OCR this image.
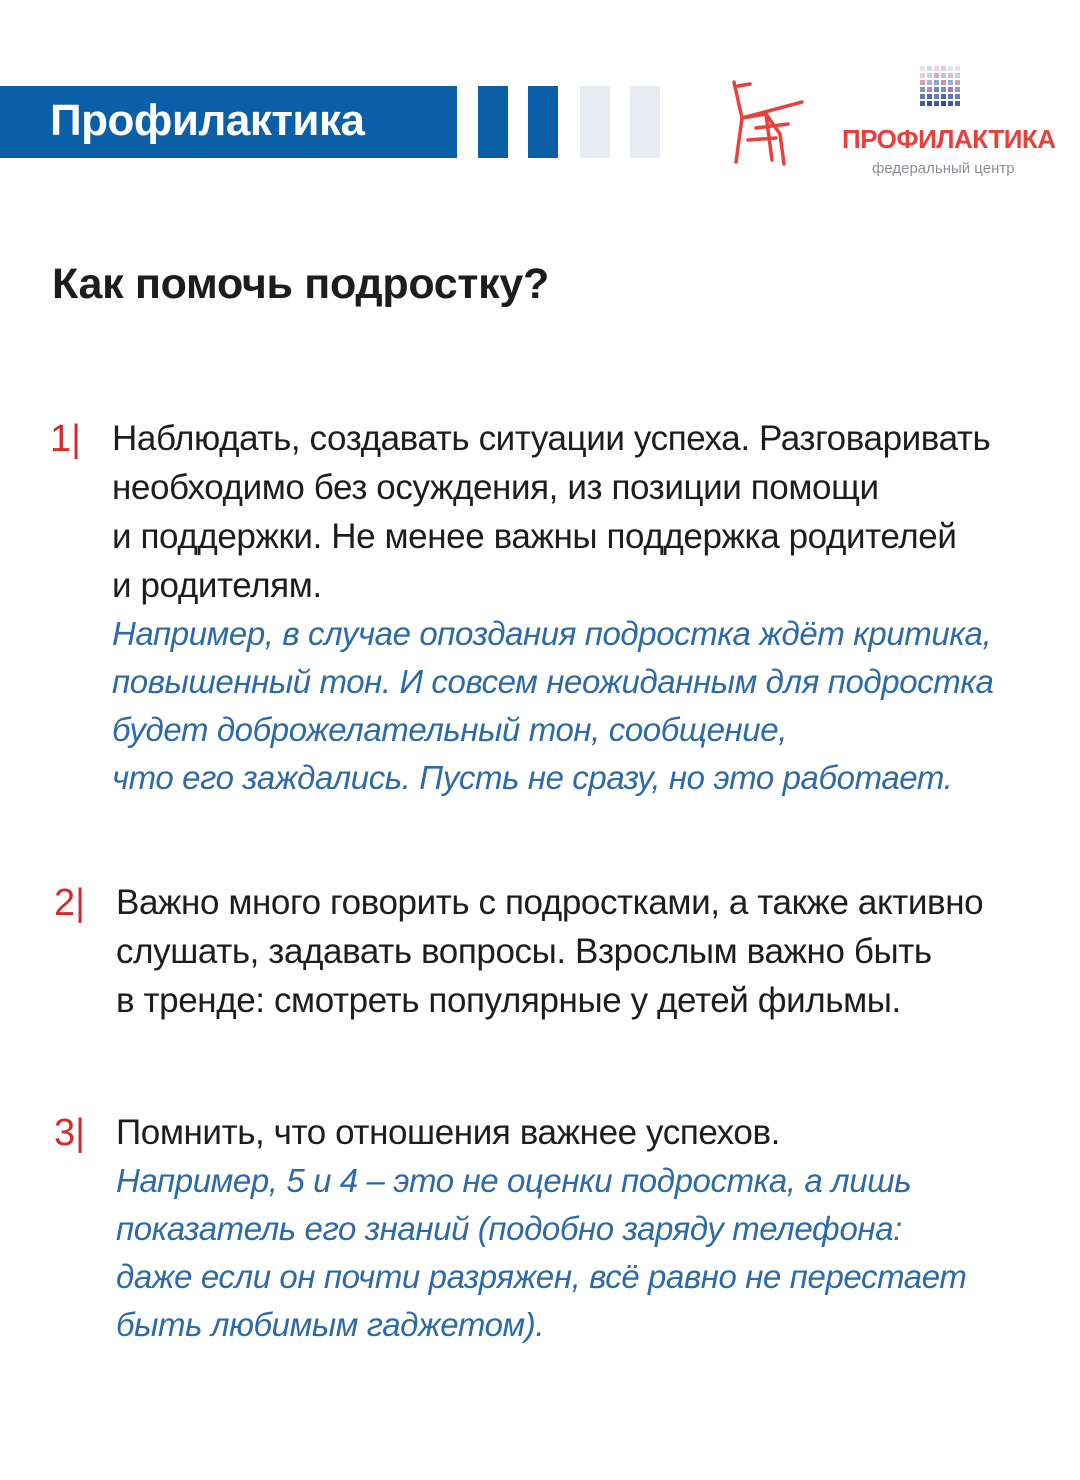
Профилактика	ПРОФИЛАКТИКА
федеральный центр
Как помочь подростку?
1| Наблюдать, создавать ситуации успеха. Разговаривать
необходимо без осуждения, из позиции помощи
и поддержки. Не менее важны поддержка родителей
и родителям.
Например, в случае опоздания подростка ждёт критика,
повышенный тон. И совсем неожиданным для подростка
будет доброжелательный тон, сообщение,
что его заждались. Пусть не сразу, но это работает.
2| Важно много говорить с подростками, а также активно
слушать, задавать вопросы. Взрослым важно быть
в тренде: смотреть популярные у детей фильмы.
3| Помнить, что отношения важнее успехов.
Например, 5 и 4 – это не оценки подростка, а лишь
показатель его знаний (подобно заряду телефона:
даже если он почти разряжен, всё равно не перестает
быть любимым гаджетом).
